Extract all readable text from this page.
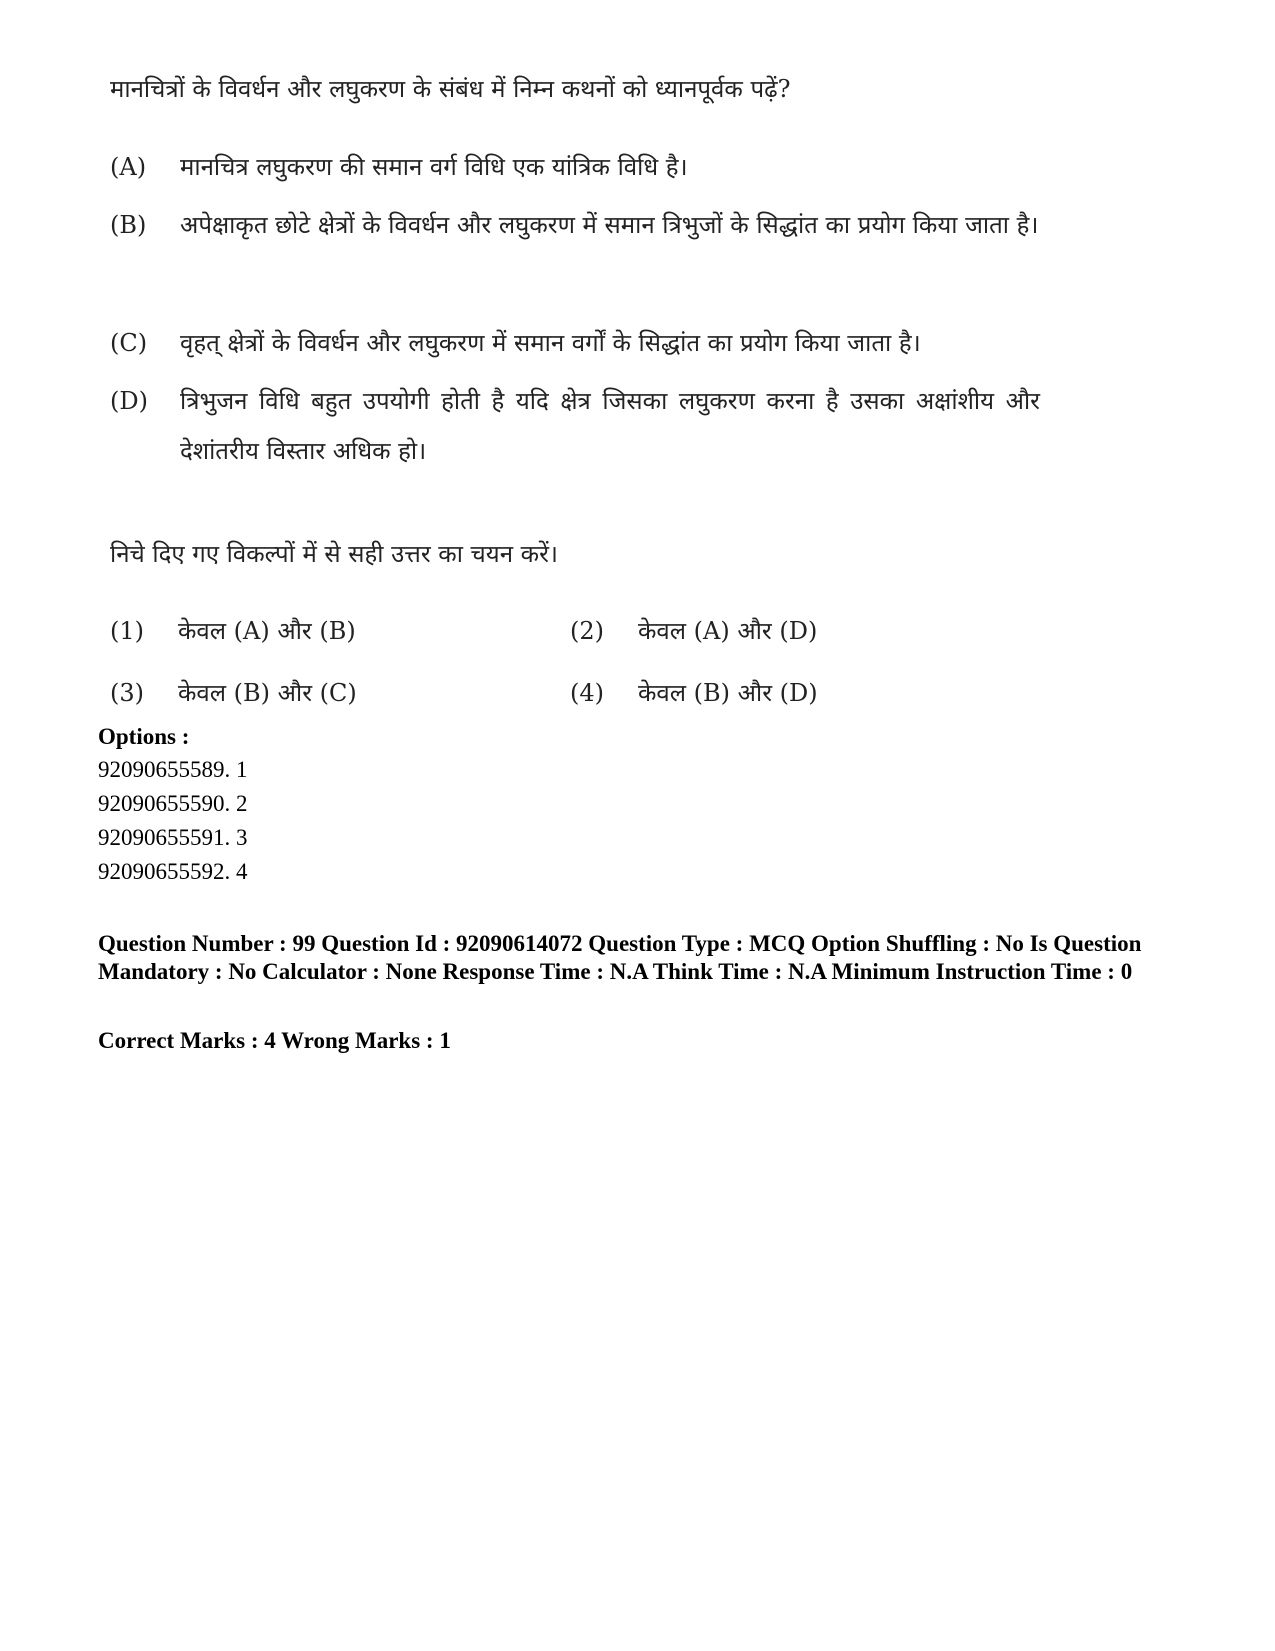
मानचित्रों के विवर्धन और लघुकरण के संबंध में निम्न कथनों को ध्यानपूर्वक पढ़ें?
(A)	मानचित्र लघुकरण की समान वर्ग विधि एक यांत्रिक विधि है।
(B)	अपेक्षाकृत छोटे क्षेत्रों के विवर्धन और लघुकरण में समान त्रिभुजों के सिद्धांत का प्रयोग किया जाता है।
(C)	वृहत् क्षेत्रों के विवर्धन और लघुकरण में समान वर्गों के सिद्धांत का प्रयोग किया जाता है।
(D)	त्रिभुजन विधि बहुत उपयोगी होती है यदि क्षेत्र जिसका लघुकरण करना है उसका अक्षांशीय और देशांतरीय विस्तार अधिक हो।
निचे दिए गए विकल्पों में से सही उत्तर का चयन करें।
(1) केवल (A) और (B)	(2) केवल (A) और (D)
(3) केवल (B) और (C)	(4) केवल (B) और (D)
Options :
92090655589. 1
92090655590. 2
92090655591. 3
92090655592. 4
Question Number : 99 Question Id : 92090614072 Question Type : MCQ Option Shuffling : No Is Question Mandatory : No Calculator : None Response Time : N.A Think Time : N.A Minimum Instruction Time : 0
Correct Marks : 4 Wrong Marks : 1
